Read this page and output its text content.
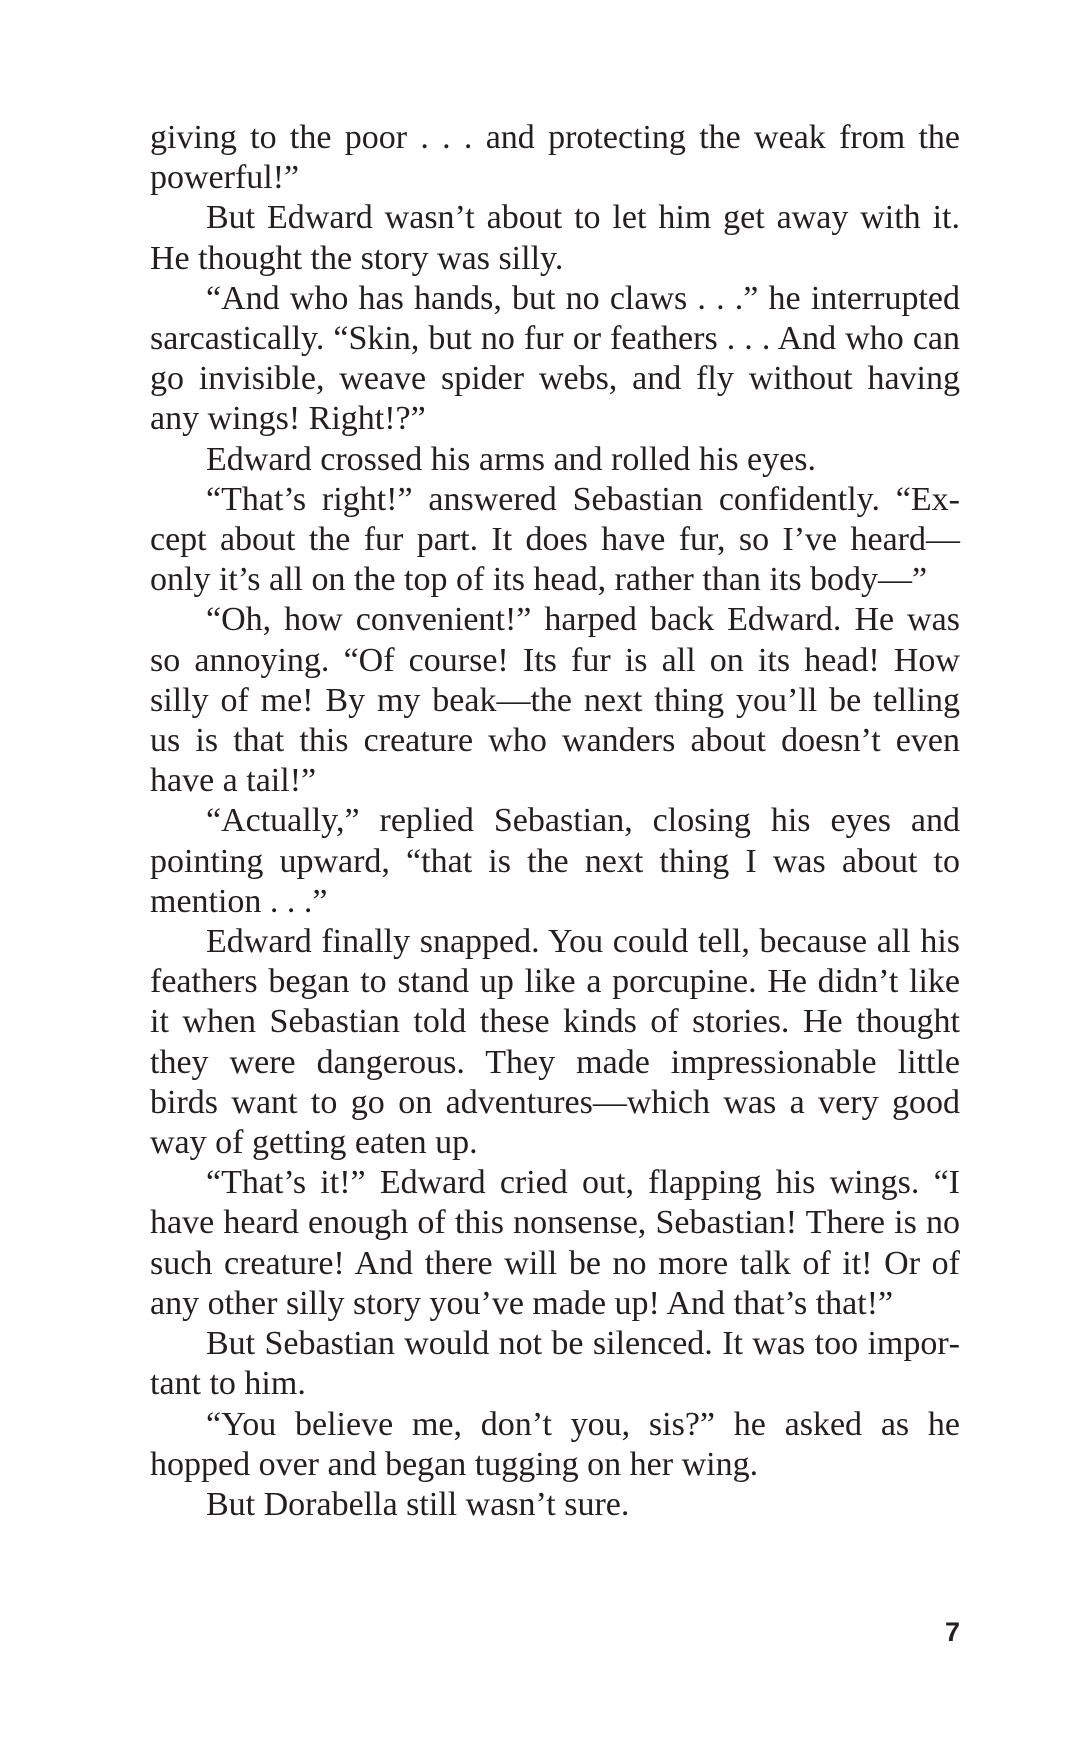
giving to the poor . . . and protecting the weak from the powerful!”

But Edward wasn’t about to let him get away with it. He thought the story was silly.

“And who has hands, but no claws . . .” he interrupted sarcastically. “Skin, but no fur or feathers . . . And who can go invisible, weave spider webs, and fly without having any wings! Right!?”

Edward crossed his arms and rolled his eyes.

“That’s right!” answered Sebastian confidently. “Except about the fur part. It does have fur, so I’ve heard—only it’s all on the top of its head, rather than its body—”

“Oh, how convenient!” harped back Edward. He was so annoying. “Of course! Its fur is all on its head! How silly of me! By my beak—the next thing you’ll be telling us is that this creature who wanders about doesn’t even have a tail!”

“Actually,” replied Sebastian, closing his eyes and pointing upward, “that is the next thing I was about to mention . . .”

Edward finally snapped. You could tell, because all his feathers began to stand up like a porcupine. He didn’t like it when Sebastian told these kinds of stories. He thought they were dangerous. They made impressionable little birds want to go on adventures—which was a very good way of getting eaten up.

“That’s it!” Edward cried out, flapping his wings. “I have heard enough of this nonsense, Sebastian! There is no such creature! And there will be no more talk of it! Or of any other silly story you’ve made up! And that’s that!”

But Sebastian would not be silenced. It was too important to him.

“You believe me, don’t you, sis?” he asked as he hopped over and began tugging on her wing.

But Dorabella still wasn’t sure.

7
